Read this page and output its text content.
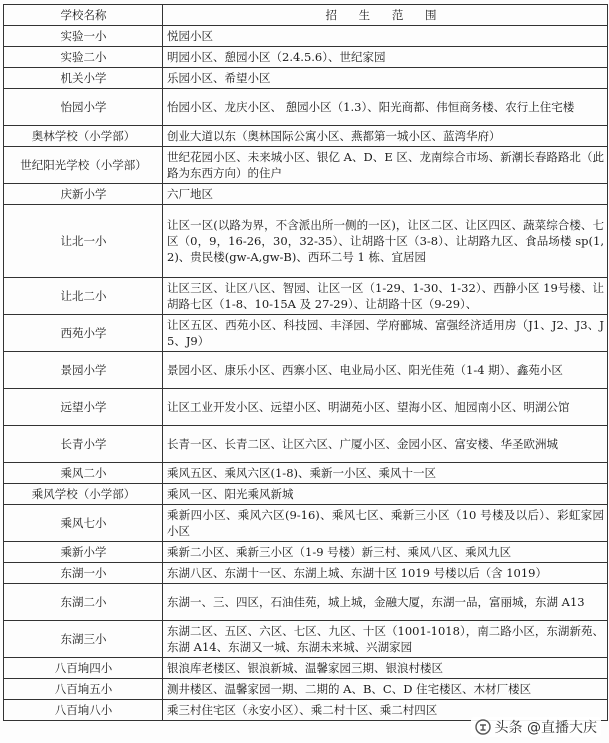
学校名称	招 生 范 围
实验一小	悦园小区
实验二小	明园小区、憩园小区（2.4.5.6）、世纪家园
机关小学	乐园小区、希望小区
怡园小学	怡园小区、龙庆小区、 憩园小区（1.3）、阳光商都、伟恒商务楼、农行上住宅楼
奥林学校（小学部）	创业大道以东（奥林国际公寓小区、燕都第一城小区、蓝湾华府）
世纪阳光学校（小学部）	世纪花园小区、未来城小区、银亿 A、D、E 区、龙南综合市场、新潮长春路路北（此路为东西方向）的住户
庆新小学	六厂地区
让北一小	让区一区(以路为界，不含派出所一侧的一区)，让区二区、让区四区、蔬菜综合楼、七区（0，9，16-26，30，32-35）、让胡路十区（3-8）、让胡路九区、食品场楼 sp(1,2)、贵民楼(gw-A,gw-B)、西环二号 1 栋、宜居园
让北二小	让区三区、让区八区、智园、让区一区（1-29、1-30、1-32）、西静小区 19号楼、让胡路七区（1-8、10-15A 及 27-29）、让胡路十区（9-29）、
西苑小学	让区五区、西苑小区、科技园、丰泽园、学府郦城、富强经济适用房（J1、J2、J3、J5、J9）
景园小学	景园小区、康乐小区、西寨小区、电业局小区、阳光佳苑（1-4 期）、鑫苑小区
远望小学	让区工业开发小区、远望小区、明湖苑小区、望海小区、旭园南小区、明湖公馆
长青小学	长青一区、长青二区、让区六区、广厦小区、金园小区、富安楼、华圣欧洲城
乘风二小	乘风五区、乘风六区(1-8)、乘新一小区、乘风十一区
乘风学校（小学部）	乘风一区、阳光乘风新城
乘风七小	乘新四小区、乘风六区(9-16)、乘风七区、乘新三小区（10 号楼及以后）、彩虹家园小区
乘新小学	乘新二小区、乘新三小区（1-9 号楼）新三村、乘风八区、乘风九区
东湖一小	东湖八区、东湖十一区、东湖上城、东湖十区 1019 号楼以后（含 1019）
东湖二小	东湖一、三、四区，石油佳苑，城上城，金融大厦，东湖一品，富丽城，东湖 A13
东湖三小	东湖二区、五区、六区、七区、九区、十区（1001-1018），南二路小区，东湖新苑、东湖 A14、东湖又一城、东湖未来城、兴湖家园
八百垧四小	银浪库老楼区、银浪新城、温馨家园三期、银浪村楼区
八百垧五小	测井楼区、温馨家园一期、二期的 A、B、C、D 住宅楼区、木材厂楼区
八百垧八小	乘三村住宅区（永安小区）、乘二村十区、乘二村四区
头条 @直播大庆
